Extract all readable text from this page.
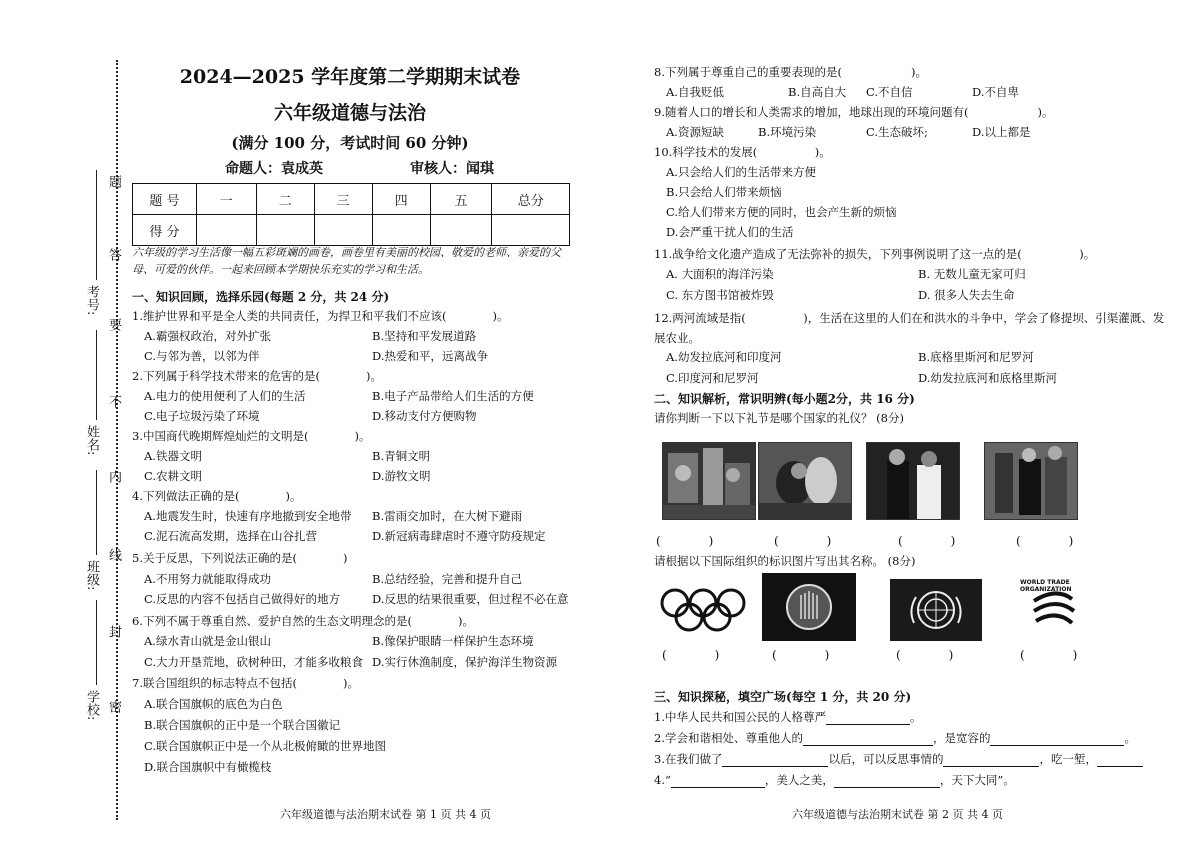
考号:
姓名:
班级:
学校: 密
封
线
内
不
要
答
题
2024—2025 学年度第二学期期末试卷
六年级道德与法治
(满分 100 分，考试时间 60 分钟)
命题人：袁成英	审核人：闻琪
题 号	一	二	三	四	五	总分
得 分						
六年级的学习生活像一幅五彩斑斓的画卷，画卷里有美丽的校园、敬爱的老师、亲爱的父母、可爱的伙伴。一起来回顾本学期快乐充实的学习和生活。
一、知识回顾，选择乐园(每题 2 分，共 24 分)
1.维护世界和平是全人类的共同责任，为捍卫和平我们不应该(　　　　)。
A.霸强权政治，对外扩张	B.坚持和平发展道路
C.与邻为善，以邻为伴	D.热爱和平，远离战争
2.下列属于科学技术带来的危害的是(　　　　)。
A.电力的使用便利了人们的生活	B.电子产品带给人们生活的方便
C.电子垃圾污染了环境	D.移动支付方便购物
3.中国商代晚期辉煌灿烂的文明是(　　　　)。
A.铁器文明	B.青铜文明
C.农耕文明	D.游牧文明
4.下列做法正确的是(　　　　)。
A.地震发生时，快速有序地撤到安全地带 B.雷雨交加时，在大树下避雨
C.泥石流高发期，选择在山谷扎营	D.新冠病毒肆虐时不遵守防疫规定
5.关于反思，下列说法正确的是(　　　　)
A.不用努力就能取得成功	B.总结经验，完善和提升自己
C.反思的内容不包括自己做得好的地方	D.反思的结果很重要，但过程不必在意
6.下列不属于尊重自然、爱护自然的生态文明理念的是(　　　　)。
A.绿水青山就是金山银山	B.像保护眼睛一样保护生态环境
C.大力开垦荒地，砍树种田，才能多收粮食 D.实行休渔制度，保护海洋生物资源
7.联合国组织的标志特点不包括(　　　　)。
A.联合国旗帜的底色为白色
B.联合国旗帜的正中是一个联合国徽记
C.联合国旗帜正中是一个从北极俯瞰的世界地图
D.联合国旗帜中有橄榄枝
六年级道德与法治期末试卷 第 1 页 共 4 页
8.下列属于尊重自己的重要表现的是(　　　　　　)。
A.自我贬低	B.自高自大 C.不自信	D.不自卑
9.随着人口的增长和人类需求的增加，地球出现的环境问题有(　　　　　　)。
A.资源短缺	B.环境污染	C.生态破坏;	D.以上都是
10.科学技术的发展(　　　　　)。
A.只会给人们的生活带来方便
B.只会给人们带来烦恼
C.给人们带来方便的同时，也会产生新的烦恼
D.会严重干扰人们的生活
11.战争给文化遗产造成了无法弥补的损失，下列事例说明了这一点的是(　　　　　)。
A. 大面积的海洋污染	B. 无数儿童无家可归
C. 东方图书馆被炸毁	D. 很多人失去生命
12.两河流域是指(　　　　　)，生活在这里的人们在和洪水的斗争中，学会了修提坝、引渠灌溉、发展农业。
A.幼发拉底河和印度河	B.底格里斯河和尼罗河
C.印度河和尼罗河	D.幼发拉底河和底格里斯河
二、知识解析，常识明辨(每小题2分，共 16 分)
请你判断一下以下礼节是哪个国家的礼仪？ (8分)
(　　　　)	(　　　　)	(　　　　)	(　　　　)
请根据以下国际组织的标识图片写出其名称。 (8分)
WORLD TRADE ORGANIZATION
(　　　　)	(　　　　)	(　　　　)	(　　　　)
三、知识探秘，填空广场(每空 1 分，共 20 分)
1.中华人民共和国公民的人格尊严	。
2.学会和谐相处、尊重他人的	，是宽容的	。
3.在我们做了	以后，可以反思事情的	，吃一堑，
4.“	，美人之美，	，天下大同”。
六年级道德与法治期末试卷 第 2 页 共 4 页
